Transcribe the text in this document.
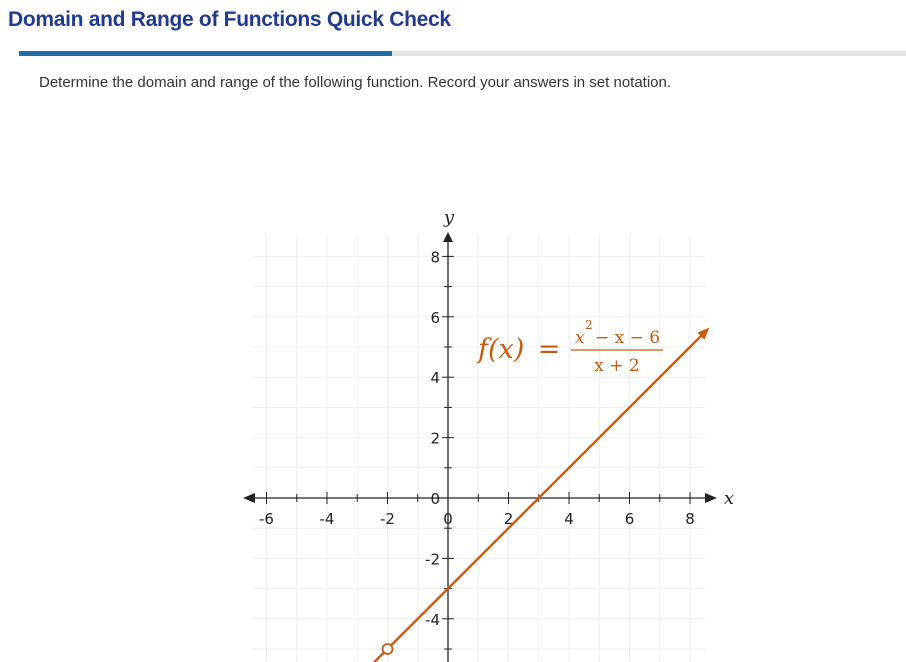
Domain and Range of Functions Quick Check

Determine the domain and range of the following function. Record your answers in set notation.

-6	-4	-2	0	2	4	6	8
8
6
4
2
0
-2
-4
y
x
f(x) = x
2
− x − 6
x + 2
